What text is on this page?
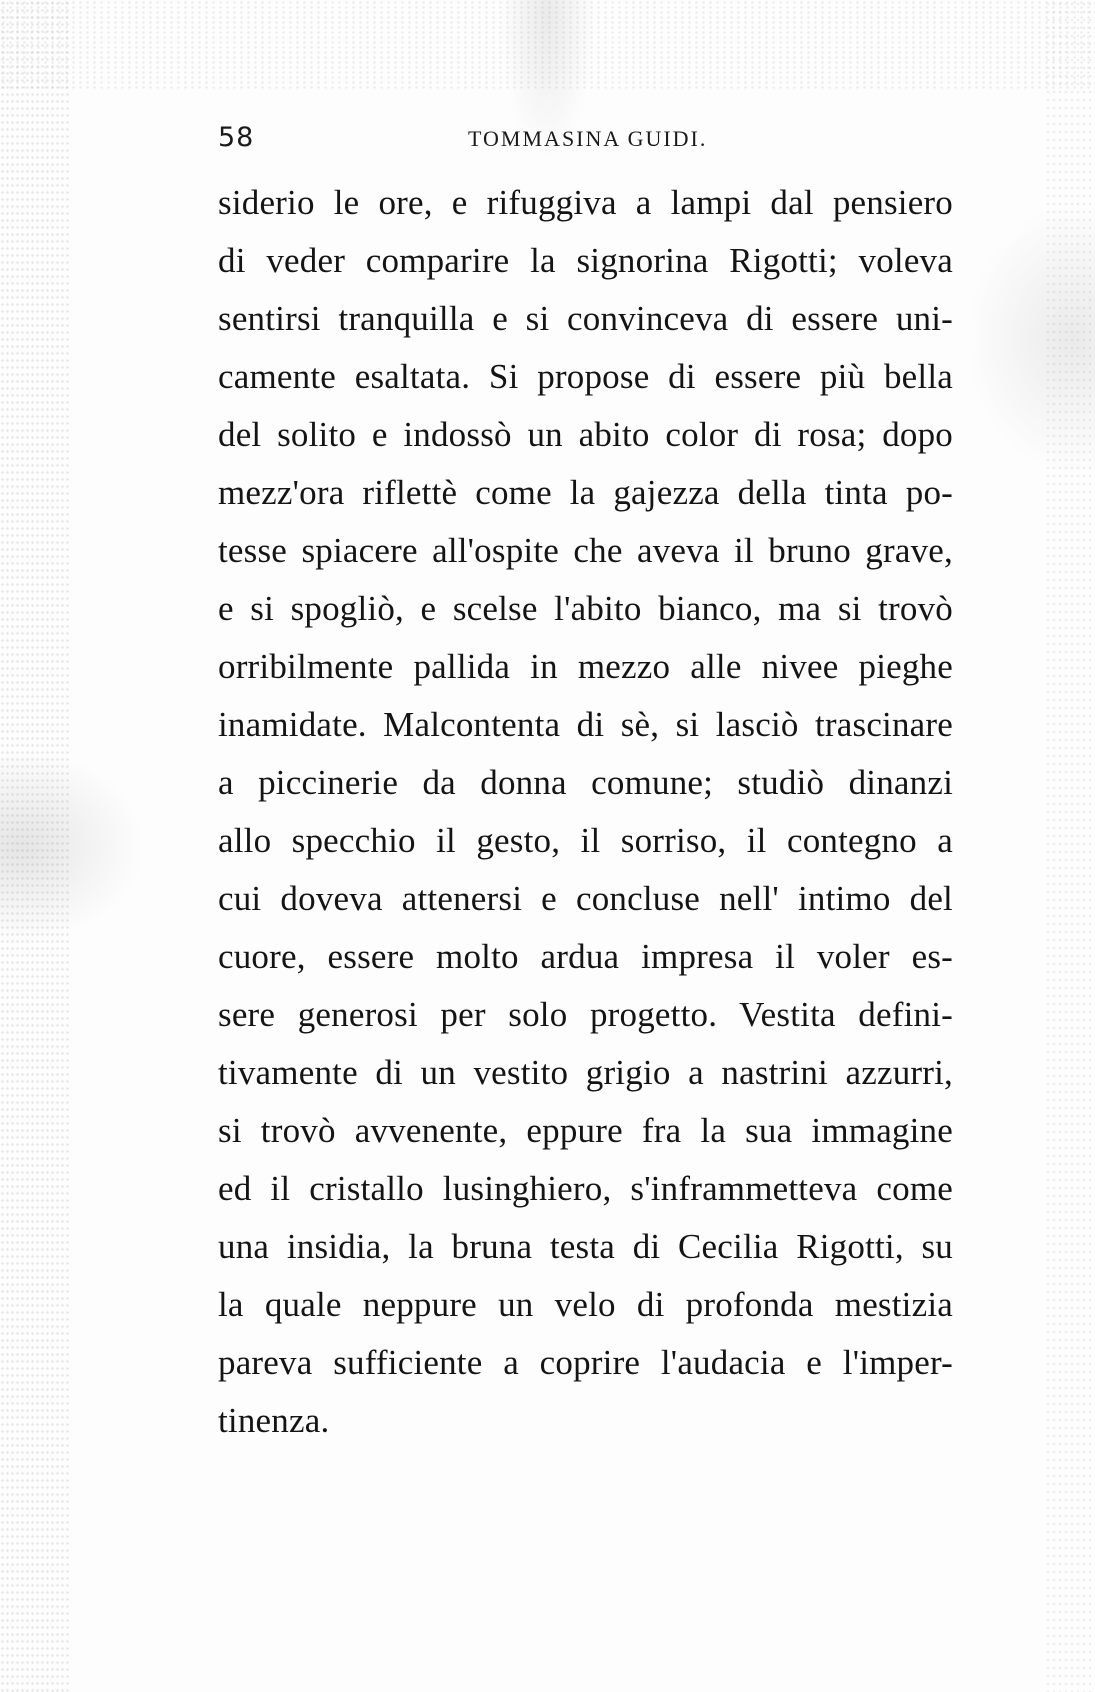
58	TOMMASINA GUIDI.
siderio le ore, e rifuggiva a lampi dal pensiero
di veder comparire la signorina Rigotti; voleva
sentirsi tranquilla e si convinceva di essere uni-
camente esaltata. Si propose di essere più bella
del solito e indossò un abito color di rosa; dopo
mezz'ora riflettè come la gajezza della tinta po-
tesse spiacere all'ospite che aveva il bruno grave,
e si spogliò, e scelse l'abito bianco, ma si trovò
orribilmente pallida in mezzo alle nivee pieghe
inamidate. Malcontenta di sè, si lasciò trascinare
a piccinerie da donna comune; studiò dinanzi
allo specchio il gesto, il sorriso, il contegno a
cui doveva attenersi e concluse nell' intimo del
cuore, essere molto ardua impresa il voler es-
sere generosi per solo progetto. Vestita defini-
tivamente di un vestito grigio a nastrini azzurri,
si trovò avvenente, eppure fra la sua immagine
ed il cristallo lusinghiero, s'inframmetteva come
una insidia, la bruna testa di Cecilia Rigotti, su
la quale neppure un velo di profonda mestizia
pareva sufficiente a coprire l'audacia e l'imper-
tinenza.
